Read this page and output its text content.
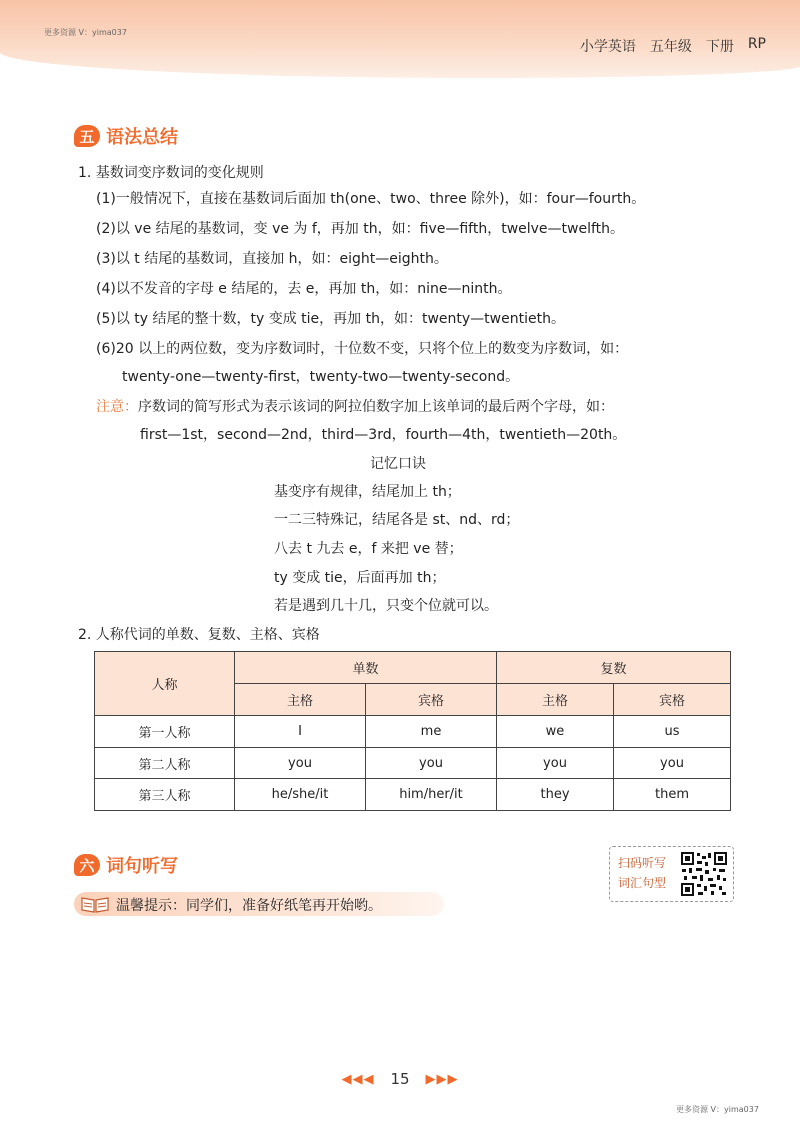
更多资源 V：yima037
小学英语 五年级 下册 RP
五 语法总结
1. 基数词变序数词的变化规则
(1)一般情况下，直接在基数词后面加 th(one、two、three 除外)，如：four—fourth。
(2)以 ve 结尾的基数词，变 ve 为 f，再加 th，如：five—fifth，twelve—twelfth。
(3)以 t 结尾的基数词，直接加 h，如：eight—eighth。
(4)以不发音的字母 e 结尾的，去 e，再加 th，如：nine—ninth。
(5)以 ty 结尾的整十数，ty 变成 tie，再加 th，如：twenty—twentieth。
(6)20 以上的两位数，变为序数词时，十位数不变，只将个位上的数变为序数词，如：
twenty-one—twenty-first，twenty-two—twenty-second。
注意：序数词的简写形式为表示该词的阿拉伯数字加上该单词的最后两个字母，如：
first—1st，second—2nd，third—3rd，fourth—4th，twentieth—20th。
记忆口诀
基变序有规律，结尾加上 th；
一二三特殊记，结尾各是 st、nd、rd；
八去 t 九去 e，f 来把 ve 替；
ty 变成 tie，后面再加 th；
若是遇到几十几，只变个位就可以。
2. 人称代词的单数、复数、主格、宾格
人称
单数	复数
主格	宾格	主格	宾格
第一人称	I	me	we	us
第二人称	you	you	you	you
第三人称	he/she/it	him/her/it	they	them
六 词句听写	扫码听写
词汇句型
温馨提示：同学们，准备好纸笔再开始哟。
◀◀◀ 15 ▶▶▶
更多资源 V：yima037
